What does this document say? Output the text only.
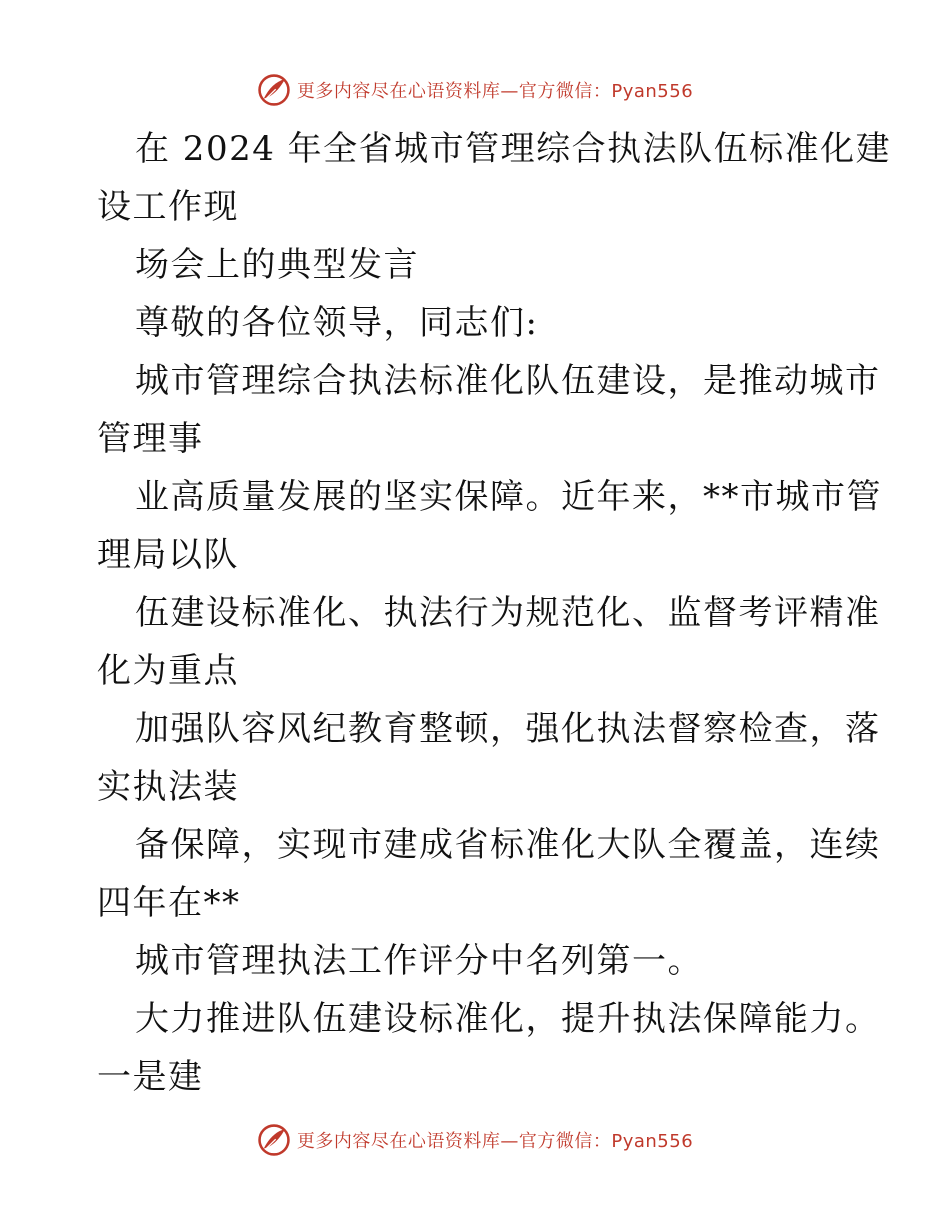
更多内容尽在心语资料库—官方微信：Pyan556
在 2024 年全省城市管理综合执法队伍标准化建
设工作现
场会上的典型发言
尊敬的各位领导，同志们:
城市管理综合执法标准化队伍建设，是推动城市
管理事
业高质量发展的坚实保障。近年来，**市城市管
理局以队
伍建设标准化、执法行为规范化、监督考评精准
化为重点
加强队容风纪教育整顿，强化执法督察检查，落
实执法装
备保障，实现市建成省标准化大队全覆盖，连续
四年在**
城市管理执法工作评分中名列第一。
大力推进队伍建设标准化，提升执法保障能力。
一是建
更多内容尽在心语资料库—官方微信：Pyan556
